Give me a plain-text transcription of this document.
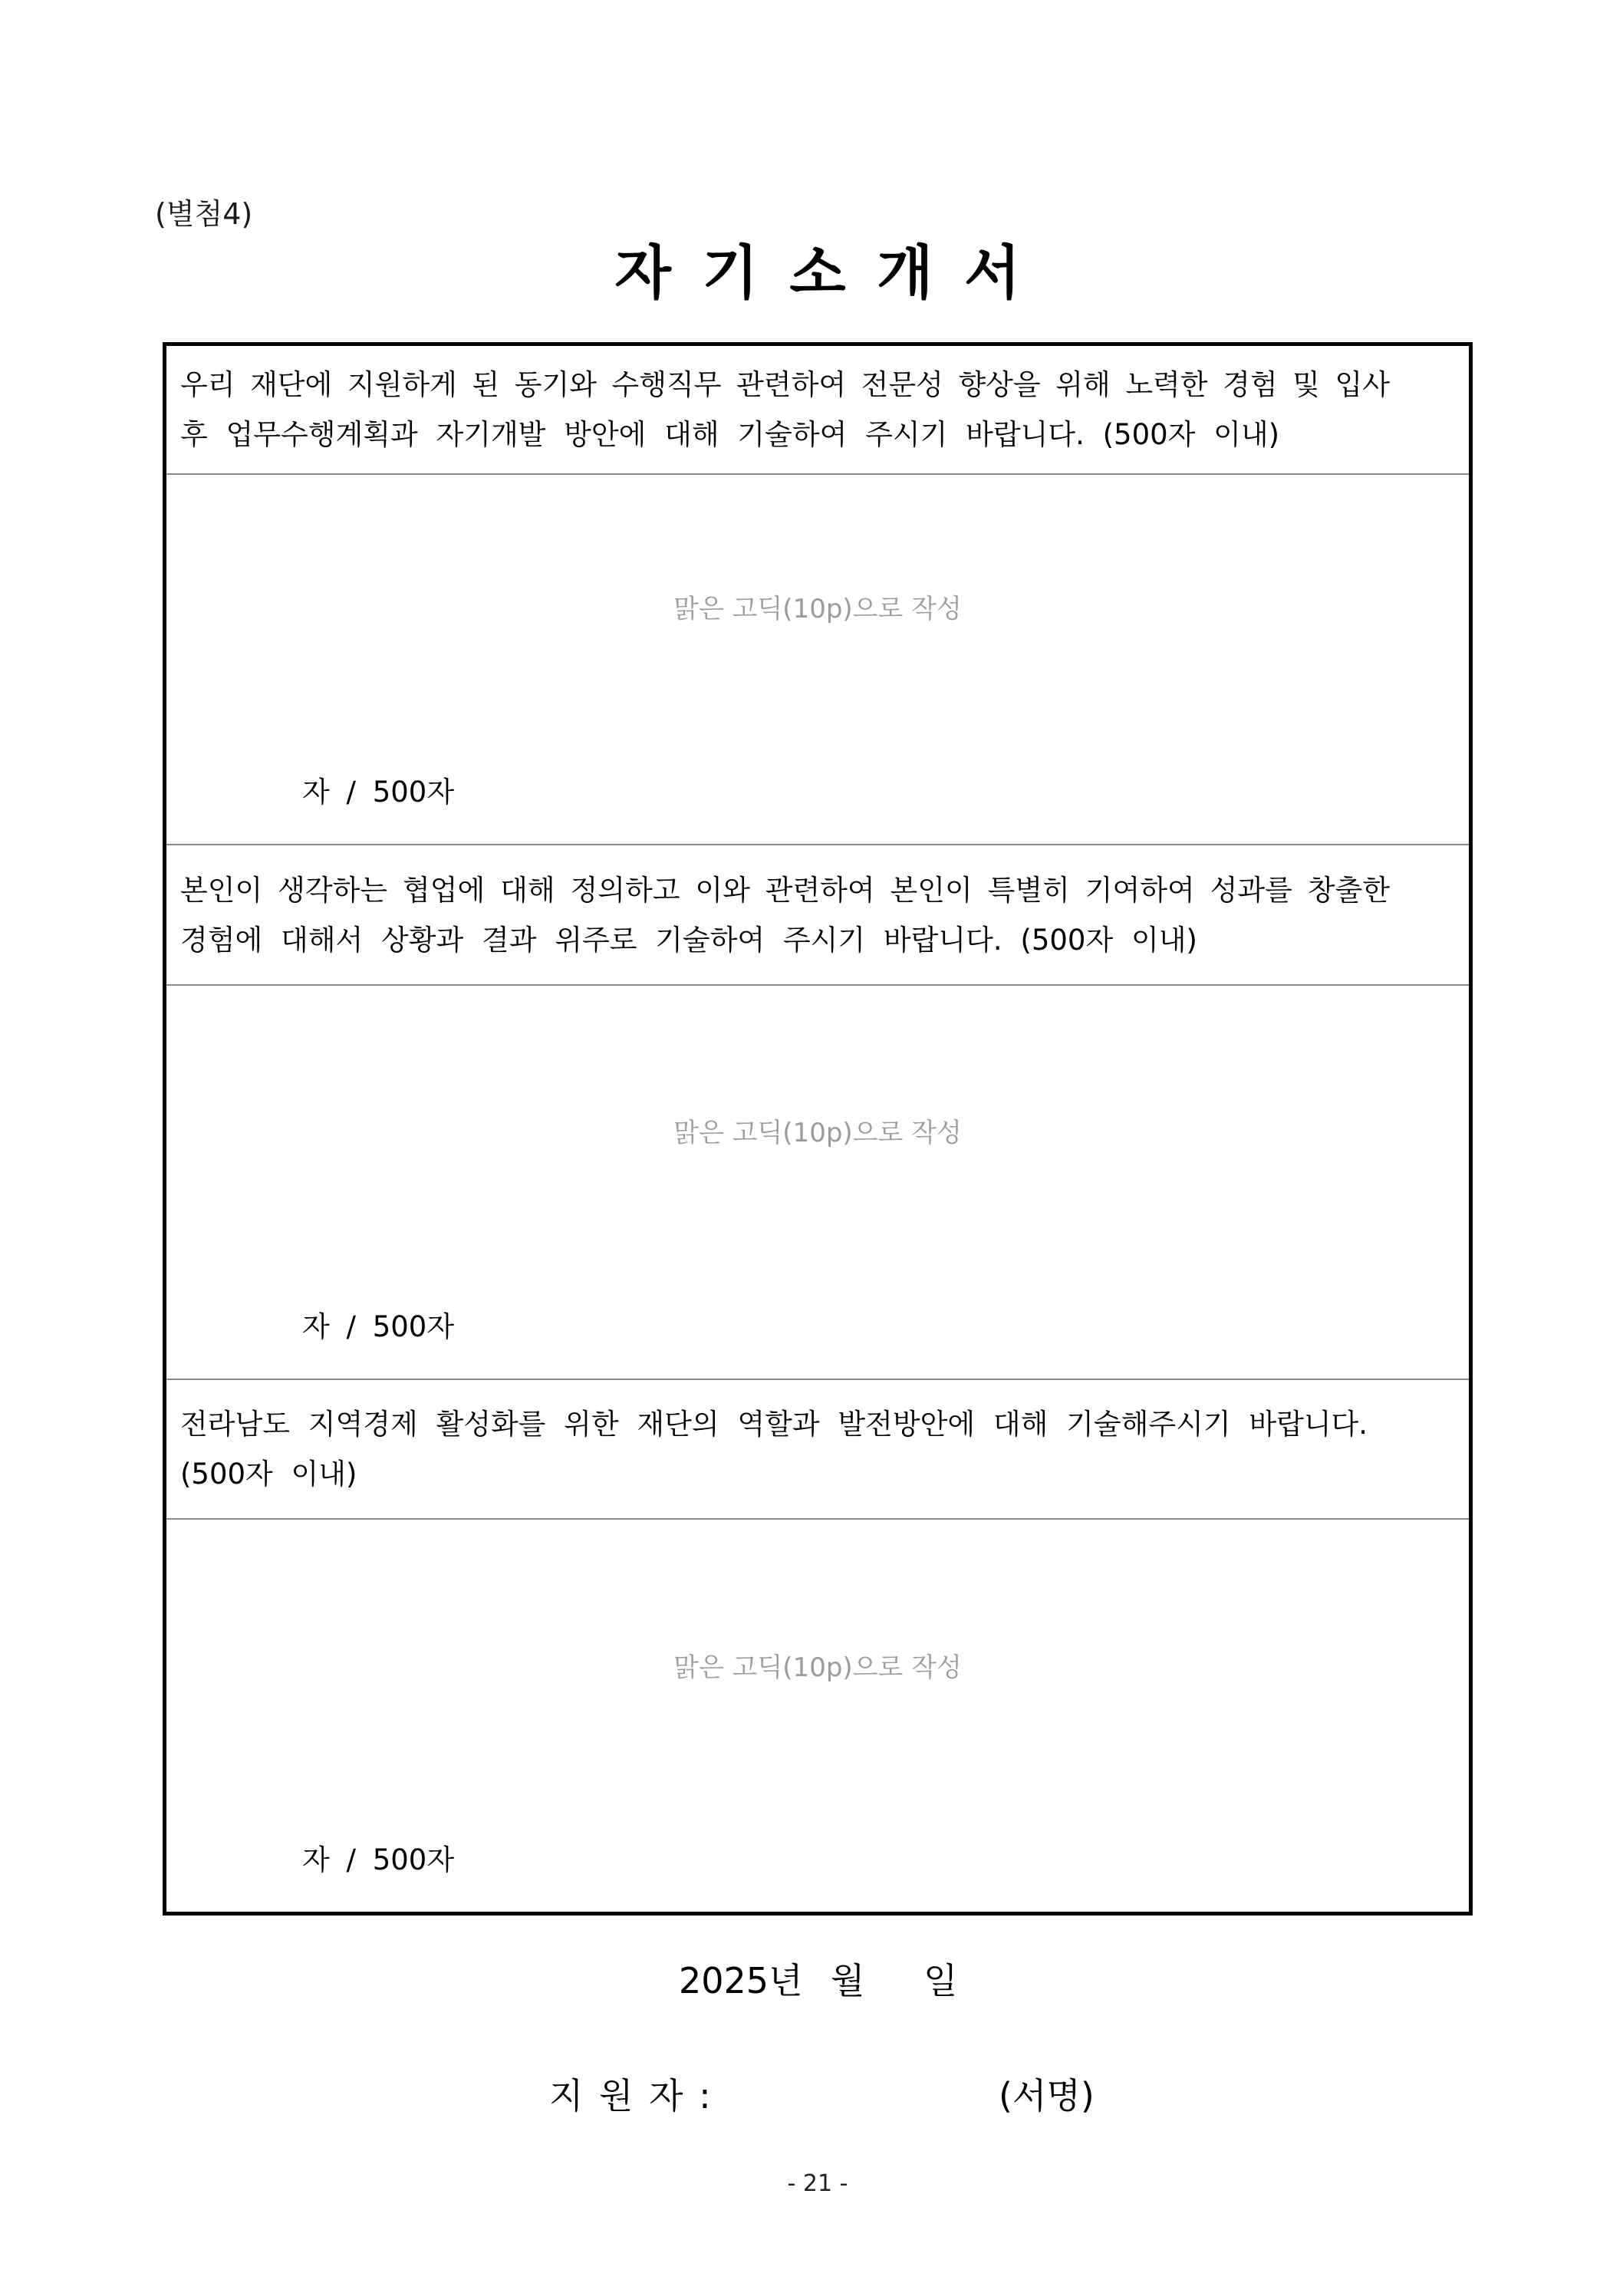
(별첨4)
자 기 소 개 서
우리 재단에 지원하게 된 동기와 수행직무 관련하여 전문성 향상을 위해 노력한 경험 및 입사
후 업무수행계획과 자기개발 방안에 대해 기술하여 주시기 바랍니다. (500자 이내)
맑은 고딕(10p)으로 작성
자 / 500자
본인이 생각하는 협업에 대해 정의하고 이와 관련하여 본인이 특별히 기여하여 성과를 창출한
경험에 대해서 상황과 결과 위주로 기술하여 주시기 바랍니다. (500자 이내)
맑은 고딕(10p)으로 작성
자 / 500자
전라남도 지역경제 활성화를 위한 재단의 역할과 발전방안에 대해 기술해주시기 바랍니다.
(500자 이내)
맑은 고딕(10p)으로 작성
자 / 500자
2025년 월 일
지 원 자 :	(서명)
- 21 -
